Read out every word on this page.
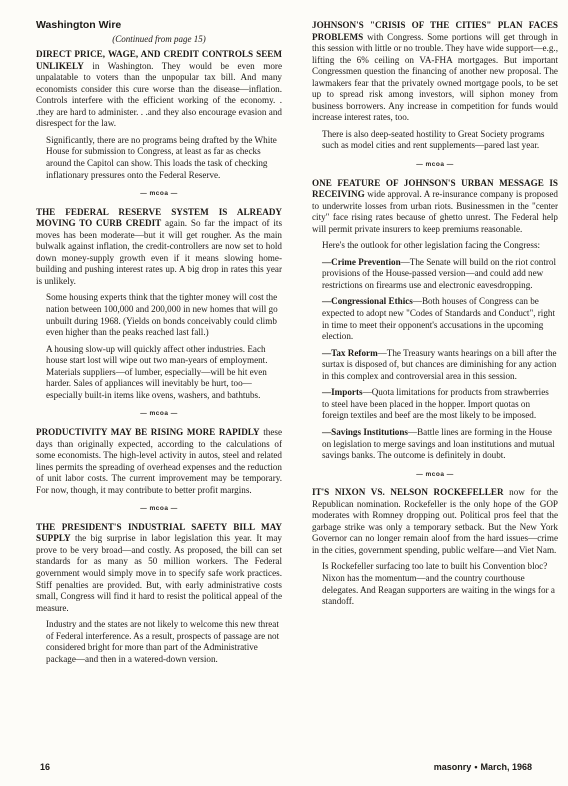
Washington Wire
(Continued from page 15)

DIRECT PRICE, WAGE, AND CREDIT CONTROLS SEEM UNLIKELY in Washington. They would be even more unpalatable to voters than the unpopular tax bill. And many economists consider this cure worse than the disease—inflation. Controls interfere with the efficient working of the economy. . .they are hard to administer. . .and they also encourage evasion and disrespect for the law.

Significantly, there are no programs being drafted by the White House for submission to Congress, at least as far as checks around the Capitol can show. This loads the task of checking inflationary pressures onto the Federal Reserve.

— mcoa —

THE FEDERAL RESERVE SYSTEM IS ALREADY MOVING TO CURB CREDIT again. So far the impact of its moves has been moderate—but it will get rougher. As the main bulwalk against inflation, the credit-controllers are now set to hold down money-supply growth even if it means slowing home-building and pushing interest rates up. A big drop in rates this year is unlikely.

Some housing experts think that the tighter money will cost the nation between 100,000 and 200,000 in new homes that will go unbuilt during 1968. (Yields on bonds conceivably could climb even higher than the peaks reached last fall.)

A housing slow-up will quickly affect other industries. Each house start lost will wipe out two man-years of employment. Materials suppliers—of lumber, especially—will be hit even harder. Sales of appliances will inevitably be hurt, too— especially built-in items like ovens, washers, and bathtubs.

— mcoa —

PRODUCTIVITY MAY BE RISING MORE RAPIDLY these days than originally expected, according to the calculations of some economists. The high-level activity in autos, steel and related lines permits the spreading of overhead expenses and the reduction of unit labor costs. The current improvement may be temporary. For now, though, it may contribute to better profit margins.

— mcoa —

THE PRESIDENT'S INDUSTRIAL SAFETY BILL MAY SUPPLY the big surprise in labor legislation this year. It may prove to be very broad—and costly. As proposed, the bill can set standards for as many as 50 million workers. The Federal government would simply move in to specify safe work practices. Stiff penalties are provided. But, with early administrative costs small, Congress will find it hard to resist the political appeal of the measure.

Industry and the states are not likely to welcome this new threat of Federal interference. As a result, prospects of passage are not considered bright for more than part of the Administrative package—and then in a watered-down version.

JOHNSON'S "CRISIS OF THE CITIES" PLAN FACES PROBLEMS with Congress. Some portions will get through in this session with little or no trouble. They have wide support—e.g., lifting the 6% ceiling on VA-FHA mortgages. But important Congressmen question the financing of another new proposal. The lawmakers fear that the privately owned mortgage pools, to be set up to spread risk among investors, will siphon money from business borrowers. Any increase in competition for funds would increase interest rates, too.

There is also deep-seated hostility to Great Society programs such as model cities and rent supplements—pared last year.

— mcoa —

ONE FEATURE OF JOHNSON'S URBAN MESSAGE IS RECEIVING wide approval. A re-insurance company is proposed to underwrite losses from urban riots. Businessmen in the "center city" face rising rates because of ghetto unrest. The Federal help will permit private insurers to keep premiums reasonable.

Here's the outlook for other legislation facing the Congress:

—Crime Prevention—The Senate will build on the riot control provisions of the House-passed version—and could add new restrictions on firearms use and electronic eavesdropping.

—Congressional Ethics—Both houses of Congress can be expected to adopt new "Codes of Standards and Conduct", right in time to meet their opponent's accusations in the upcoming election.

—Tax Reform—The Treasury wants hearings on a bill after the surtax is disposed of, but chances are diminishing for any action in this complex and controversial area in this session.

—Imports—Quota limitations for products from strawberries to steel have been placed in the hopper. Import quotas on foreign textiles and beef are the most likely to be imposed.

—Savings Institutions—Battle lines are forming in the House on legislation to merge savings and loan institutions and mutual savings banks. The outcome is definitely in doubt.

— mcoa —

IT'S NIXON VS. NELSON ROCKEFELLER now for the Republican nomination. Rockefeller is the only hope of the GOP moderates with Romney dropping out. Political pros feel that the garbage strike was only a temporary setback. But the New York Governor can no longer remain aloof from the hard issues—crime in the cities, government spending, public welfare—and Viet Nam.

Is Rockefeller surfacing too late to built his Convention bloc? Nixon has the momentum—and the country courthouse delegates. And Reagan supporters are waiting in the wings for a standoff.

16	masonry • March, 1968
